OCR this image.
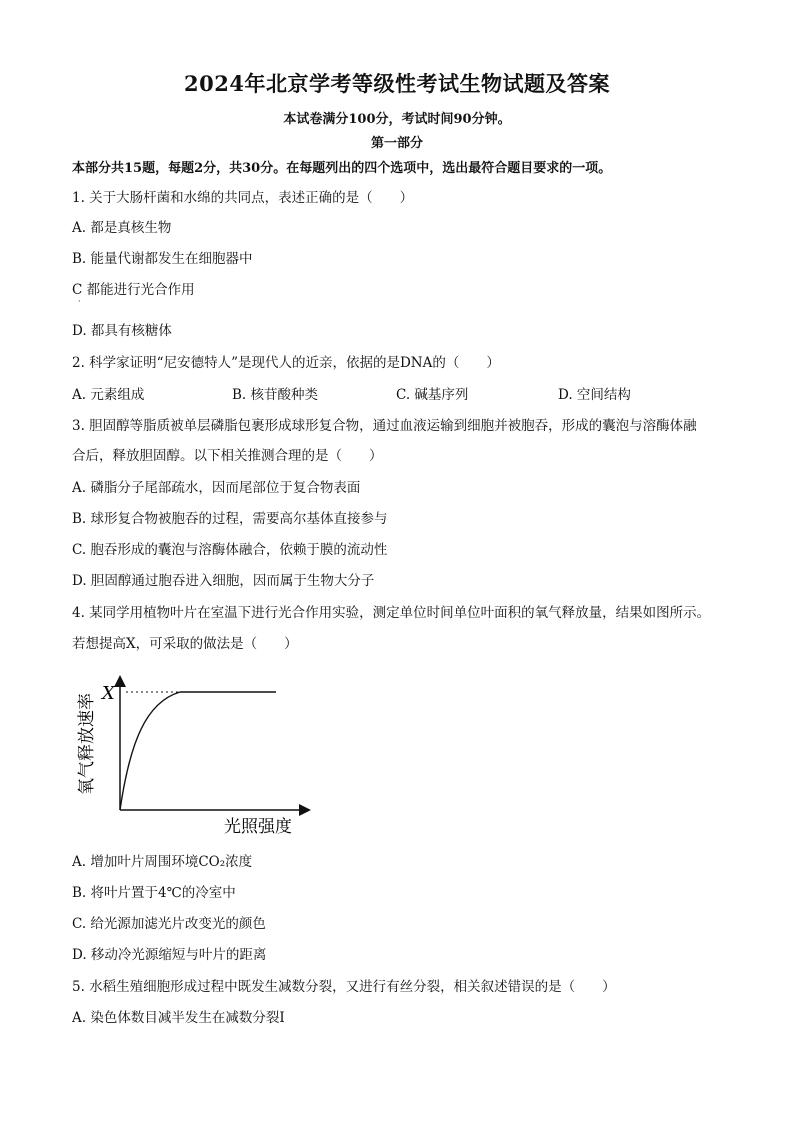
2024年北京学考等级性考试生物试题及答案
本试卷满分100分，考试时间90分钟。
第一部分
本部分共15题，每题2分，共30分。在每题列出的四个选项中，选出最符合题目要求的一项。
1. 关于大肠杆菌和水绵的共同点，表述正确的是（　　）
A. 都是真核生物
B. 能量代谢都发生在细胞器中
C 都能进行光合作用
·
D. 都具有核糖体
2. 科学家证明“尼安德特人”是现代人的近亲，依据的是DNA的（　　）
A. 元素组成	B. 核苷酸种类	C. 碱基序列	D. 空间结构
3. 胆固醇等脂质被单层磷脂包裹形成球形复合物，通过血液运输到细胞并被胞吞，形成的囊泡与溶酶体融
合后，释放胆固醇。以下相关推测合理的是（　　）
A. 磷脂分子尾部疏水，因而尾部位于复合物表面
B. 球形复合物被胞吞的过程，需要高尔基体直接参与
C. 胞吞形成的囊泡与溶酶体融合，依赖于膜的流动性
D. 胆固醇通过胞吞进入细胞，因而属于生物大分子
4. 某同学用植物叶片在室温下进行光合作用实验，测定单位时间单位叶面积的氧气释放量，结果如图所示。
若想提高X，可采取的做法是（　　）
X
氧气释放速率
光照强度
A. 增加叶片周围环境CO₂浓度
B. 将叶片置于4℃的冷室中
C. 给光源加滤光片改变光的颜色
D. 移动冷光源缩短与叶片的距离
5. 水稻生殖细胞形成过程中既发生减数分裂，又进行有丝分裂，相关叙述错误的是（　　）
A. 染色体数目减半发生在减数分裂Ⅰ
